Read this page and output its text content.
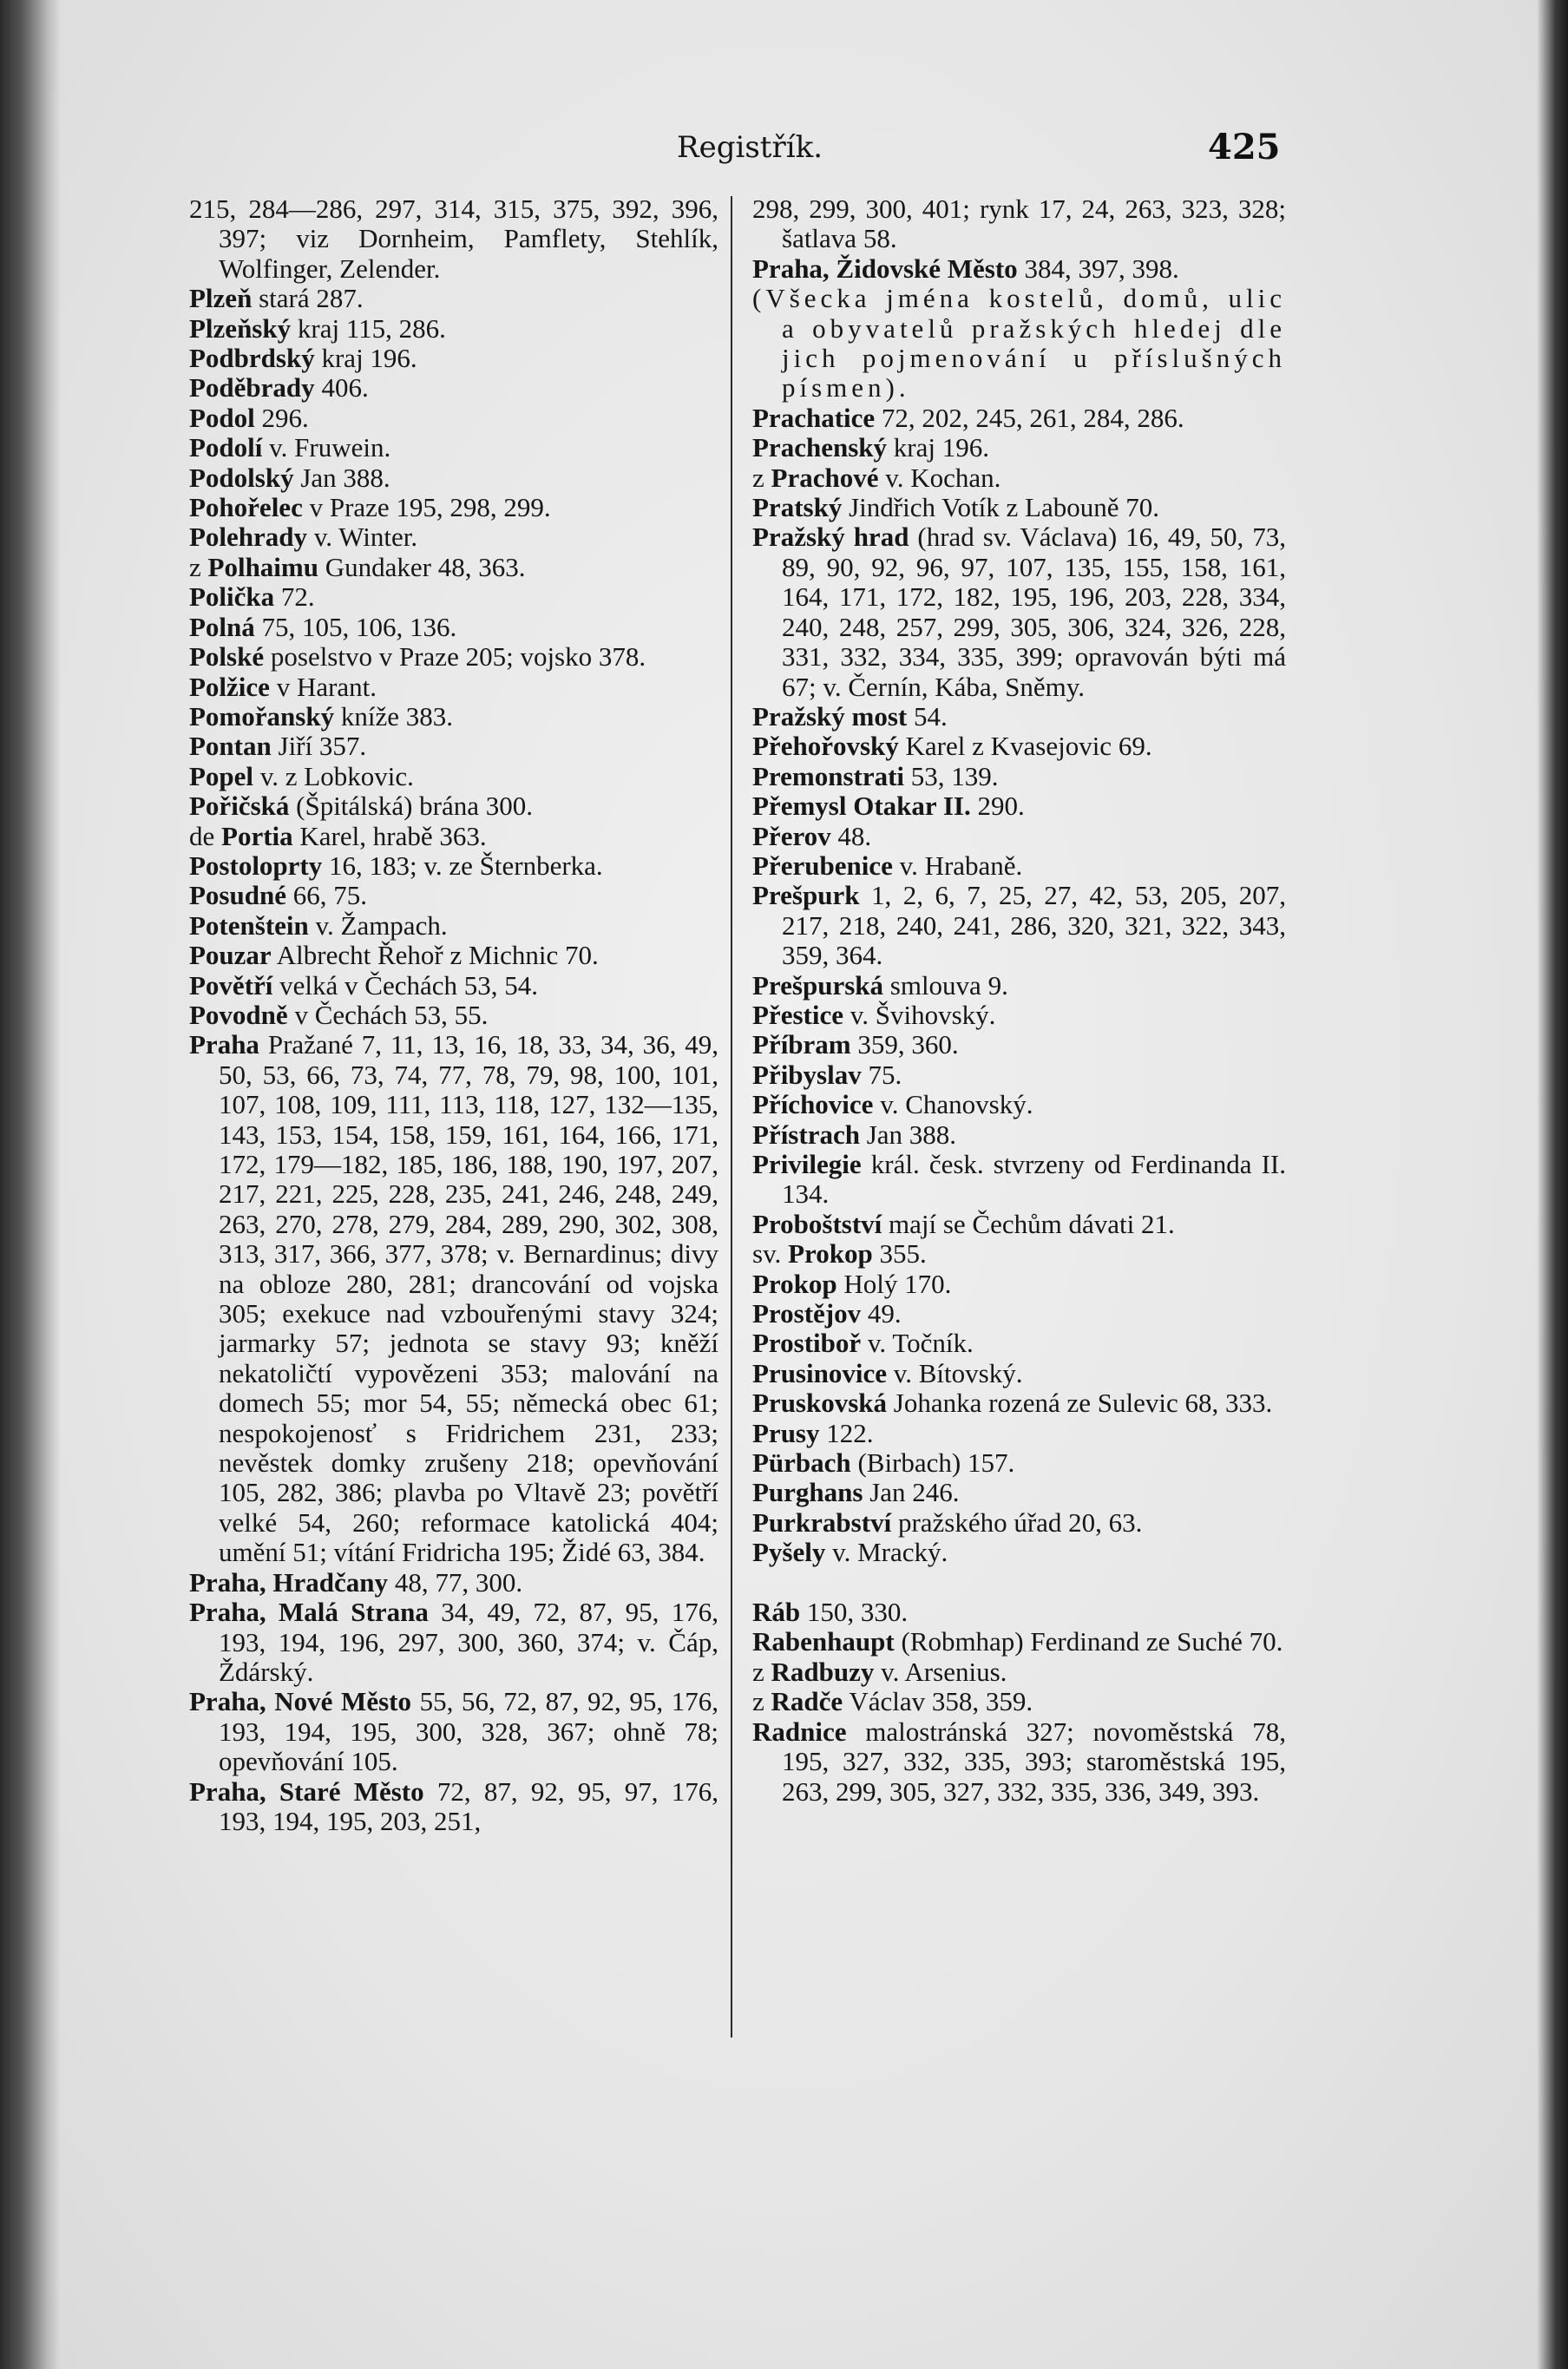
Registřík.	425
215, 284—286, 297, 314, 315, 375, 392, 396, 397; viz Dornheim, Pamflety, Stehlík, Wolfinger, Zelender.
Plzeň stará 287.
Plzeňský kraj 115, 286.
Podbrdský kraj 196.
Poděbrady 406.
Podol 296.
Podolí v. Fruwein.
Podolský Jan 388.
Pohořelec v Praze 195, 298, 299.
Polehrady v. Winter.
z Polhaimu Gundaker 48, 363.
Polička 72.
Polná 75, 105, 106, 136.
Polské poselstvo v Praze 205; vojsko 378.
Polžice v Harant.
Pomořanský kníže 383.
Pontan Jiří 357.
Popel v. z Lobkovic.
Pořičská (Špitálská) brána 300.
de Portia Karel, hrabě 363.
Postoloprty 16, 183; v. ze Šternberka.
Posudné 66, 75.
Potenštein v. Žampach.
Pouzar Albrecht Řehoř z Michnic 70.
Povětří velká v Čechách 53, 54.
Povodně v Čechách 53, 55.
Praha Pražané 7, 11, 13, 16, 18, 33, 34, 36, 49, 50, 53, 66, 73, 74, 77, 78, 79, 98, 100, 101, 107, 108, 109, 111, 113, 118, 127, 132—135, 143, 153, 154, 158, 159, 161, 164, 166, 171, 172, 179—182, 185, 186, 188, 190, 197, 207, 217, 221, 225, 228, 235, 241, 246, 248, 249, 263, 270, 278, 279, 284, 289, 290, 302, 308, 313, 317, 366, 377, 378; v. Bernardinus; divy na obloze 280, 281; drancování od vojska 305; exekuce nad vzbouřenými stavy 324; jarmarky 57; jednota se stavy 93; kněží nekatoličtí vypovězeni 353; malování na domech 55; mor 54, 55; německá obec 61; nespokojenosť s Fridrichem 231, 233; nevěstek domky zrušeny 218; opevňování 105, 282, 386; plavba po Vltavě 23; povětří velké 54, 260; reformace katolická 404; umění 51; vítání Fridricha 195; Židé 63, 384.
Praha, Hradčany 48, 77, 300.
Praha, Malá Strana 34, 49, 72, 87, 95, 176, 193, 194, 196, 297, 300, 360, 374; v. Čáp, Ždárský.
Praha, Nové Město 55, 56, 72, 87, 92, 95, 176, 193, 194, 195, 300, 328, 367; ohně 78; opevňování 105.
Praha, Staré Město 72, 87, 92, 95, 97, 176, 193, 194, 195, 203, 251,
298, 299, 300, 401; rynk 17, 24, 263, 323, 328; šatlava 58.
Praha, Židovské Město 384, 397, 398.
(Všecka jména kostelů, domů, ulic a obyvatelů pražských hledej dle jich pojmenování u příslušných písmen).
Prachatice 72, 202, 245, 261, 284, 286.
Prachenský kraj 196.
z Prachové v. Kochan.
Pratský Jindřich Votík z Labouně 70.
Pražský hrad (hrad sv. Václava) 16, 49, 50, 73, 89, 90, 92, 96, 97, 107, 135, 155, 158, 161, 164, 171, 172, 182, 195, 196, 203, 228, 334, 240, 248, 257, 299, 305, 306, 324, 326, 228, 331, 332, 334, 335, 399; opravován býti má 67; v. Černín, Kába, Sněmy.
Pražský most 54.
Přehořovský Karel z Kvasejovic 69.
Premonstrati 53, 139.
Přemysl Otakar II. 290.
Přerov 48.
Přerubenice v. Hrabaně.
Prešpurk 1, 2, 6, 7, 25, 27, 42, 53, 205, 207, 217, 218, 240, 241, 286, 320, 321, 322, 343, 359, 364.
Prešpurská smlouva 9.
Přestice v. Švihovský.
Příbram 359, 360.
Přibyslav 75.
Příchovice v. Chanovský.
Přístrach Jan 388.
Privilegie král. česk. stvrzeny od Ferdinanda II. 134.
Proboštství mají se Čechům dávati 21.
sv. Prokop 355.
Prokop Holý 170.
Prostějov 49.
Prostiboř v. Točník.
Prusinovice v. Bítovský.
Pruskovská Johanka rozená ze Sulevic 68, 333.
Prusy 122.
Pürbach (Birbach) 157.
Purghans Jan 246.
Purkrabství pražského úřad 20, 63.
Pyšely v. Mracký.
Ráb 150, 330.
Rabenhaupt (Robmhap) Ferdinand ze Suché 70.
z Radbuzy v. Arsenius.
z Radče Václav 358, 359.
Radnice malostránská 327; novoměstská 78, 195, 327, 332, 335, 393; staroměstská 195, 263, 299, 305, 327, 332, 335, 336, 349, 393.
